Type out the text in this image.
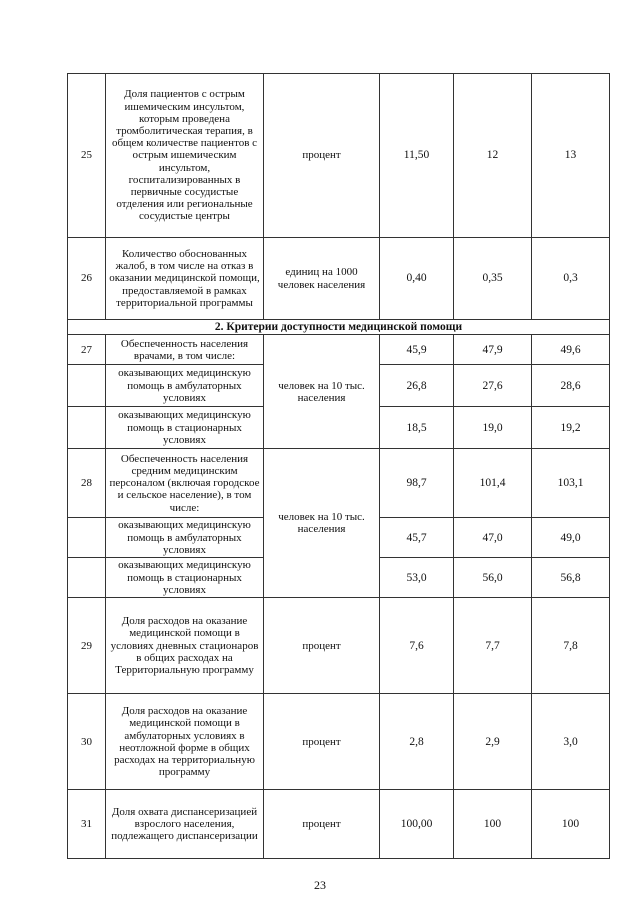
25	Доля пациентов с острым ишемическим инсультом, которым проведена тромболитическая терапия, в общем количестве пациентов с острым ишемическим инсультом, госпитализированных в первичные сосудистые отделения или региональные сосудистые центры	процент	11,50	12	13
26	Количество обоснованных жалоб, в том числе на отказ в оказании медицинской помощи, предоставляемой в рамках территориальной программы	единиц на 1000 человек населения	0,40	0,35	0,3
2. Критерии доступности медицинской помощи					
27	Обеспеченность населения врачами, в том числе:	человек на 10 тыс. населения	45,9	47,9	49,6
	оказывающих медицинскую помощь в амбулаторных условиях		26,8	27,6	28,6
	оказывающих медицинскую помощь в стационарных условиях		18,5	19,0	19,2
28	Обеспеченность населения средним медицинским персоналом (включая городское и сельское население), в том числе:	человек на 10 тыс. населения	98,7	101,4	103,1
	оказывающих медицинскую помощь в амбулаторных условиях		45,7	47,0	49,0
	оказывающих медицинскую помощь в стационарных условиях		53,0	56,0	56,8
29	Доля расходов на оказание медицинской помощи в условиях дневных стационаров в общих расходах на Территориальную программу	процент	7,6	7,7	7,8
30	Доля расходов на оказание медицинской помощи в амбулаторных условиях в неотложной форме в общих расходах на территориальную программу	процент	2,8	2,9	3,0
31	Доля охвата диспансеризацией взрослого населения, подлежащего диспансеризации	процент	100,00	100	100
23
